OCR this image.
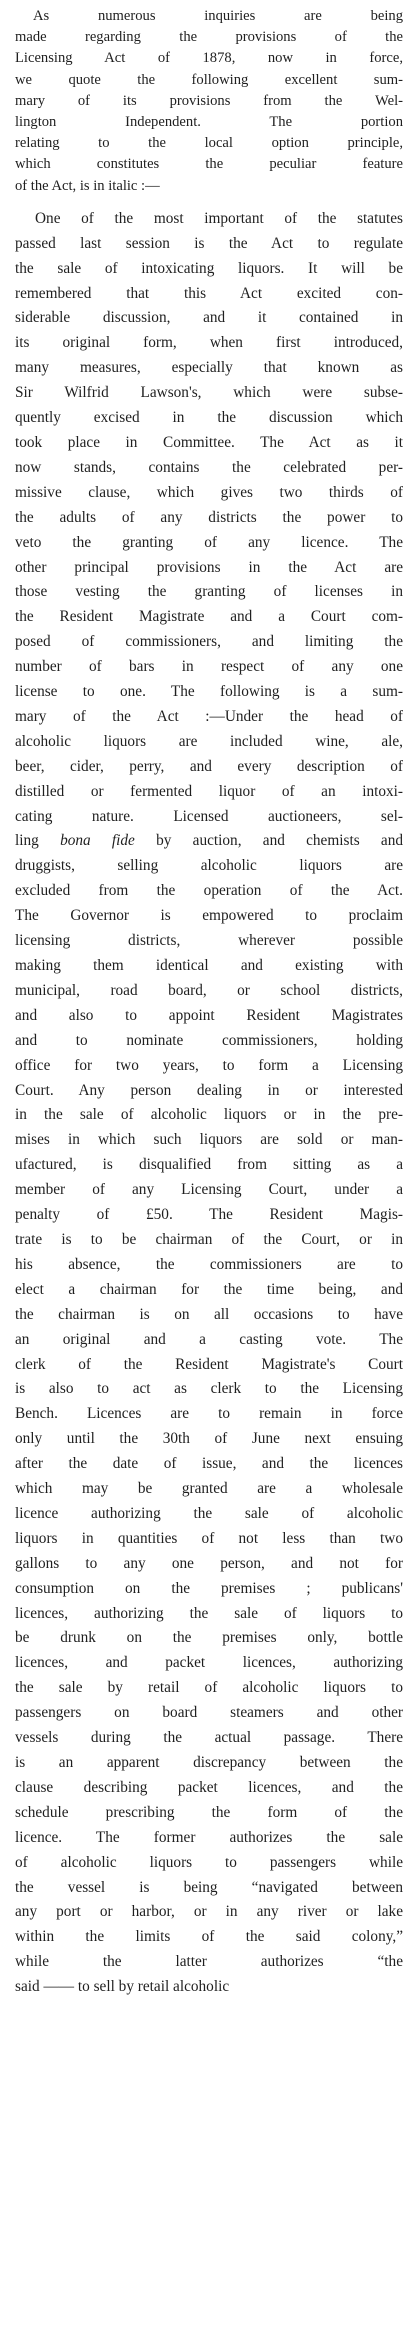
As numerous inquiries are being
made regarding the provisions of the
Licensing Act of 1878, now in force,
we quote the following excellent sum-
mary of its provisions from the Wel-
lington Independent. The portion
relating to the local option principle,
which constitutes the peculiar feature
of the Act, is in italic :—
One of the most important of the statutes
passed last session is the Act to regulate
the sale of intoxicating liquors. It will be
remembered that this Act excited con-
siderable discussion, and it contained in
its original form, when first introduced,
many measures, especially that known as
Sir Wilfrid Lawson's, which were subse-
quently excised in the discussion which
took place in Committee. The Act as it
now stands, contains the celebrated per-
missive clause, which gives two thirds of
the adults of any districts the power to
veto the granting of any licence. The
other principal provisions in the Act are
those vesting the granting of licenses in
the Resident Magistrate and a Court com-
posed of commissioners, and limiting the
number of bars in respect of any one
license to one. The following is a sum-
mary of the Act :—Under the head of
alcoholic liquors are included wine, ale,
beer, cider, perry, and every description of
distilled or fermented liquor of an intoxi-
cating nature. Licensed auctioneers, sel-
ling bona fide by auction, and chemists and
druggists, selling alcoholic liquors are
excluded from the operation of the Act.
The Governor is empowered to proclaim
licensing districts, wherever possible
making them identical and existing with
municipal, road board, or school districts,
and also to appoint Resident Magistrates
and to nominate commissioners, holding
office for two years, to form a Licensing
Court. Any person dealing in or interested
in the sale of alcoholic liquors or in the pre-
mises in which such liquors are sold or man-
ufactured, is disqualified from sitting as a
member of any Licensing Court, under a
penalty of £50. The Resident Magis-
trate is to be chairman of the Court, or in
his absence, the commissioners are to
elect a chairman for the time being, and
the chairman is on all occasions to have
an original and a casting vote. The
clerk of the Resident Magistrate's Court
is also to act as clerk to the Licensing
Bench. Licences are to remain in force
only until the 30th of June next ensuing
after the date of issue, and the licences
which may be granted are a wholesale
licence authorizing the sale of alcoholic
liquors in quantities of not less than two
gallons to any one person, and not for
consumption on the premises ; publicans'
licences, authorizing the sale of liquors to
be drunk on the premises only, bottle
licences, and packet licences, authorizing
the sale by retail of alcoholic liquors to
passengers on board steamers and other
vessels during the actual passage. There
is an apparent discrepancy between the
clause describing packet licences, and the
schedule prescribing the form of the
licence. The former authorizes the sale
of alcoholic liquors to passengers while
the vessel is being “navigated between
any port or harbor, or in any river or lake
within the limits of the said colony,”
while the latter authorizes “the
said —— to sell by retail alcoholic
